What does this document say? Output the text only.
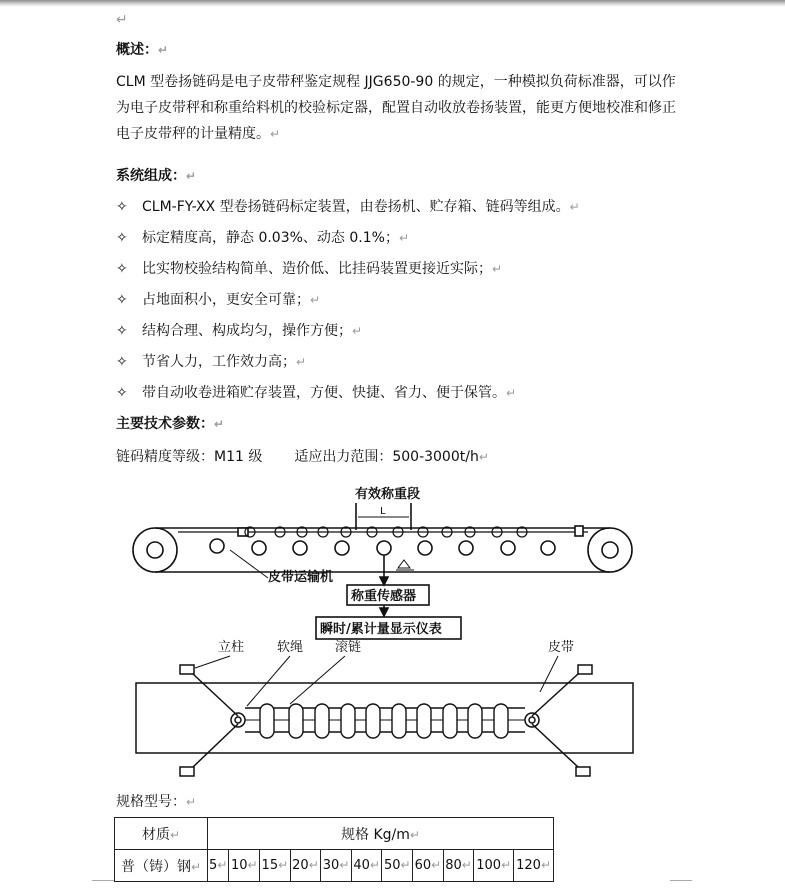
↵
概述：↵
CLM 型卷扬链码是电子皮带秤鉴定规程 JJG650-90 的规定，一种模拟负荷标准器，可以作为电子皮带秤和称重给料机的校验标定器，配置自动收放卷扬装置，能更方便地校准和修正电子皮带秤的计量精度。↵
系统组成：↵
✧ CLM-FY-XX 型卷扬链码标定装置，由卷扬机、贮存箱、链码等组成。↵
✧ 标定精度高，静态 0.03%、动态 0.1%；↵
✧ 比实物校验结构简单、造价低、比挂码装置更接近实际；↵
✧ 占地面积小，更安全可靠；↵
✧ 结构合理、构成均匀，操作方便；↵
✧ 节省人力，工作效力高；↵
✧ 带自动收卷进箱贮存装置，方便、快捷、省力、便于保管。↵
主要技术参数：↵
链码精度等级：M11 级 适应出力范围：500-3000t/h↵
有效称重段
L
皮带运输机
称重传感器
瞬时/累计量显示仪表
立柱	软绳 滚链	皮带
规格型号：↵
材质↵	规格 Kg/m↵										
普（铸）钢↵	5↵	10↵	15↵	20↵	30↵	40↵	50↵	60↵	80↵	100↵	120↵
